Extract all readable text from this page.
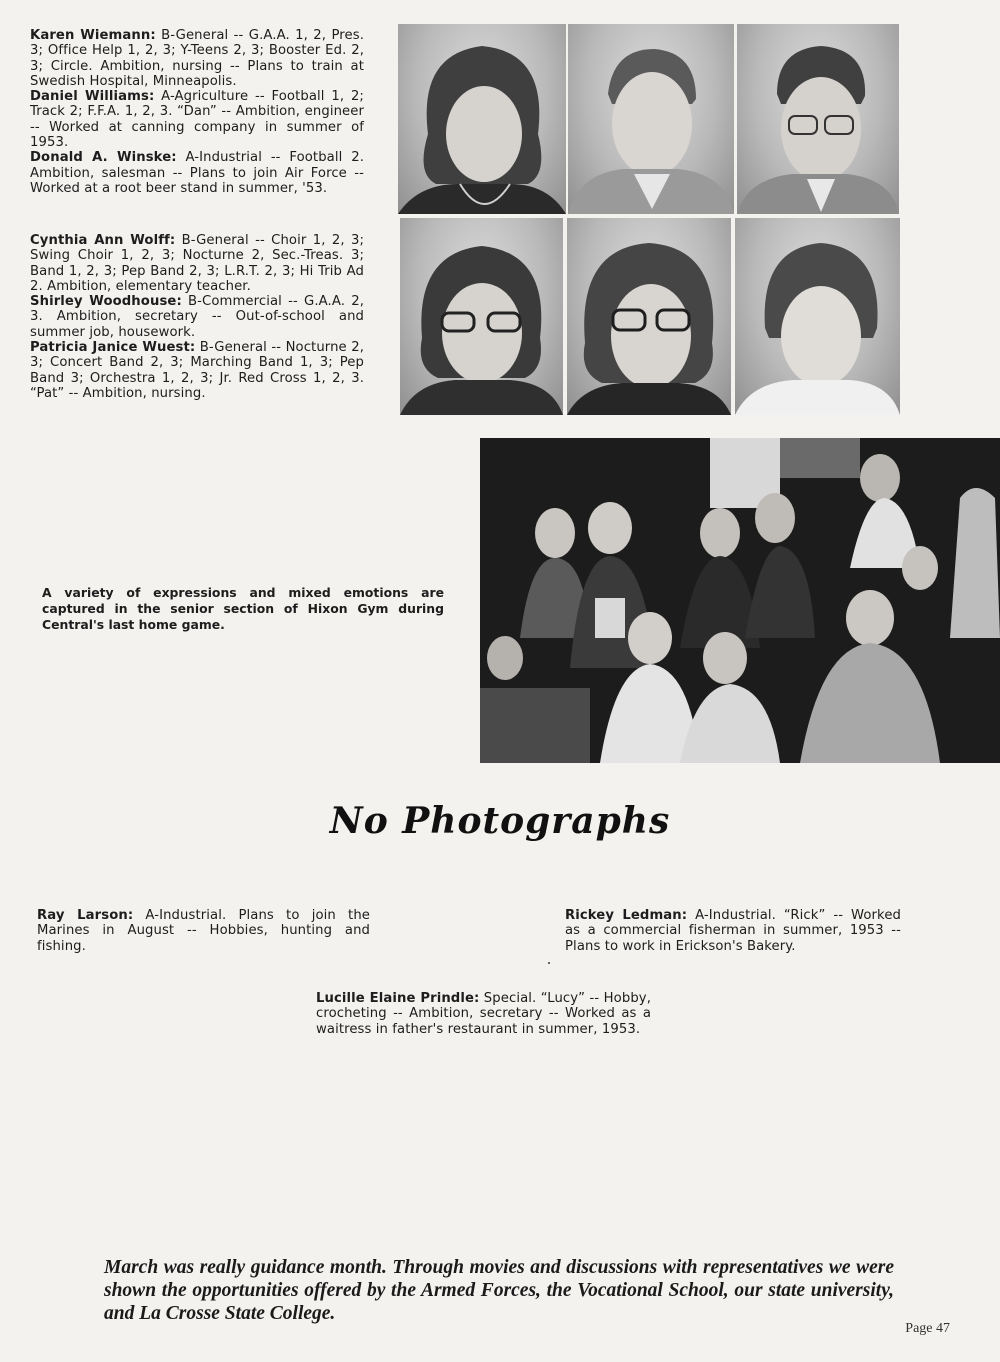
Karen Wiemann: B-General -- G.A.A. 1, 2, Pres. 3; Office Help 1, 2, 3; Y-Teens 2, 3; Booster Ed. 2, 3; Circle. Ambition, nursing -- Plans to train at Swedish Hospital, Minneapolis.

Daniel Williams: A-Agriculture -- Football 1, 2; Track 2; F.F.A. 1, 2, 3. “Dan” -- Ambition, engineer -- Worked at canning company in summer of 1953.

Donald A. Winske: A-Industrial -- Football 2. Ambition, salesman -- Plans to join Air Force -- Worked at a root beer stand in summer, '53.

Cynthia Ann Wolff: B-General -- Choir 1, 2, 3; Swing Choir 1, 2, 3; Nocturne 2, Sec.-Treas. 3; Band 1, 2, 3; Pep Band 2, 3; L.R.T. 2, 3; Hi Trib Ad 2. Ambition, elementary teacher.

Shirley Woodhouse: B-Commercial -- G.A.A. 2, 3. Ambition, secretary -- Out-of-school and summer job, housework.

Patricia Janice Wuest: B-General -- Nocturne 2, 3; Concert Band 2, 3; Marching Band 1, 3; Pep Band 3; Orchestra 1, 2, 3; Jr. Red Cross 1, 2, 3. “Pat” -- Ambition, nursing.

A variety of expressions and mixed emotions are captured in the senior section of Hixon Gym during Central's last home game.
No Photographs

Ray Larson: A-Industrial. Plans to join the Marines in August -- Hobbies, hunting and fishing.

Rickey Ledman: A-Industrial. “Rick” -- Worked as a commercial fisherman in summer, 1953 -- Plans to work in Erickson's Bakery.

Lucille Elaine Prindle: Special. “Lucy” -- Hobby, crocheting -- Ambition, secretary -- Worked as a waitress in father's restaurant in summer, 1953.

March was really guidance month. Through movies and discussions with representatives we were shown the opportunities offered by the Armed Forces, the Vocational School, our state university, and La Crosse State College.
Page 47
